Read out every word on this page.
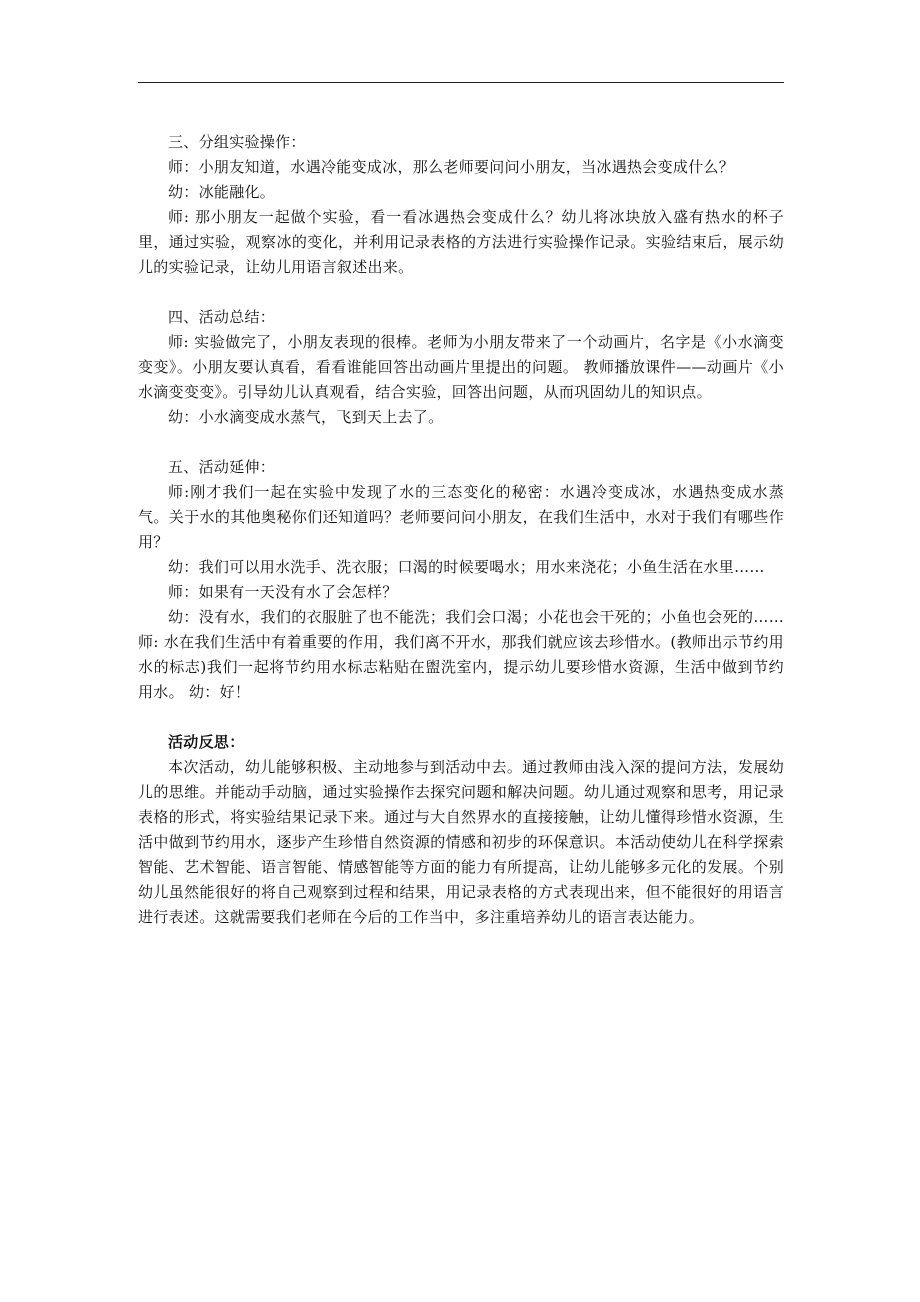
三、分组实验操作：

师：小朋友知道，水遇冷能变成冰，那么老师要问问小朋友，当冰遇热会变成什么？

幼：冰能融化。

师: 那小朋友一起做个实验，看一看冰遇热会变成什么？幼儿将冰块放入盛有热水的杯子里，通过实验，观察冰的变化，并利用记录表格的方法进行实验操作记录。实验结束后，展示幼儿的实验记录，让幼儿用语言叙述出来。

四、活动总结：

师: 实验做完了，小朋友表现的很棒。老师为小朋友带来了一个动画片，名字是《小水滴变变变》。小朋友要认真看，看看谁能回答出动画片里提出的问题。 教师播放课件——动画片《小水滴变变变》。引导幼儿认真观看，结合实验，回答出问题，从而巩固幼儿的知识点。

幼：小水滴变成水蒸气，飞到天上去了。

五、活动延伸：

师:刚才我们一起在实验中发现了水的三态变化的秘密：水遇冷变成冰，水遇热变成水蒸气。关于水的其他奥秘你们还知道吗？老师要问问小朋友，在我们生活中，水对于我们有哪些作用？

幼：我们可以用水洗手、洗衣服；口渴的时候要喝水；用水来浇花；小鱼生活在水里……

师：如果有一天没有水了会怎样？

幼：没有水，我们的衣服脏了也不能洗；我们会口渴；小花也会干死的；小鱼也会死的…… 师: 水在我们生活中有着重要的作用，我们离不开水，那我们就应该去珍惜水。(教师出示节约用水的标志)我们一起将节约用水标志粘贴在盥洗室内，提示幼儿要珍惜水资源，生活中做到节约用水。 幼：好！

活动反思：

本次活动，幼儿能够积极、主动地参与到活动中去。通过教师由浅入深的提问方法，发展幼儿的思维。并能动手动脑，通过实验操作去探究问题和解决问题。幼儿通过观察和思考，用记录表格的形式，将实验结果记录下来。通过与大自然界水的直接接触，让幼儿懂得珍惜水资源，生活中做到节约用水，逐步产生珍惜自然资源的情感和初步的环保意识。本活动使幼儿在科学探索智能、艺术智能、语言智能、情感智能等方面的能力有所提高，让幼儿能够多元化的发展。个别幼儿虽然能很好的将自己观察到过程和结果，用记录表格的方式表现出来，但不能很好的用语言进行表述。这就需要我们老师在今后的工作当中，多注重培养幼儿的语言表达能力。
